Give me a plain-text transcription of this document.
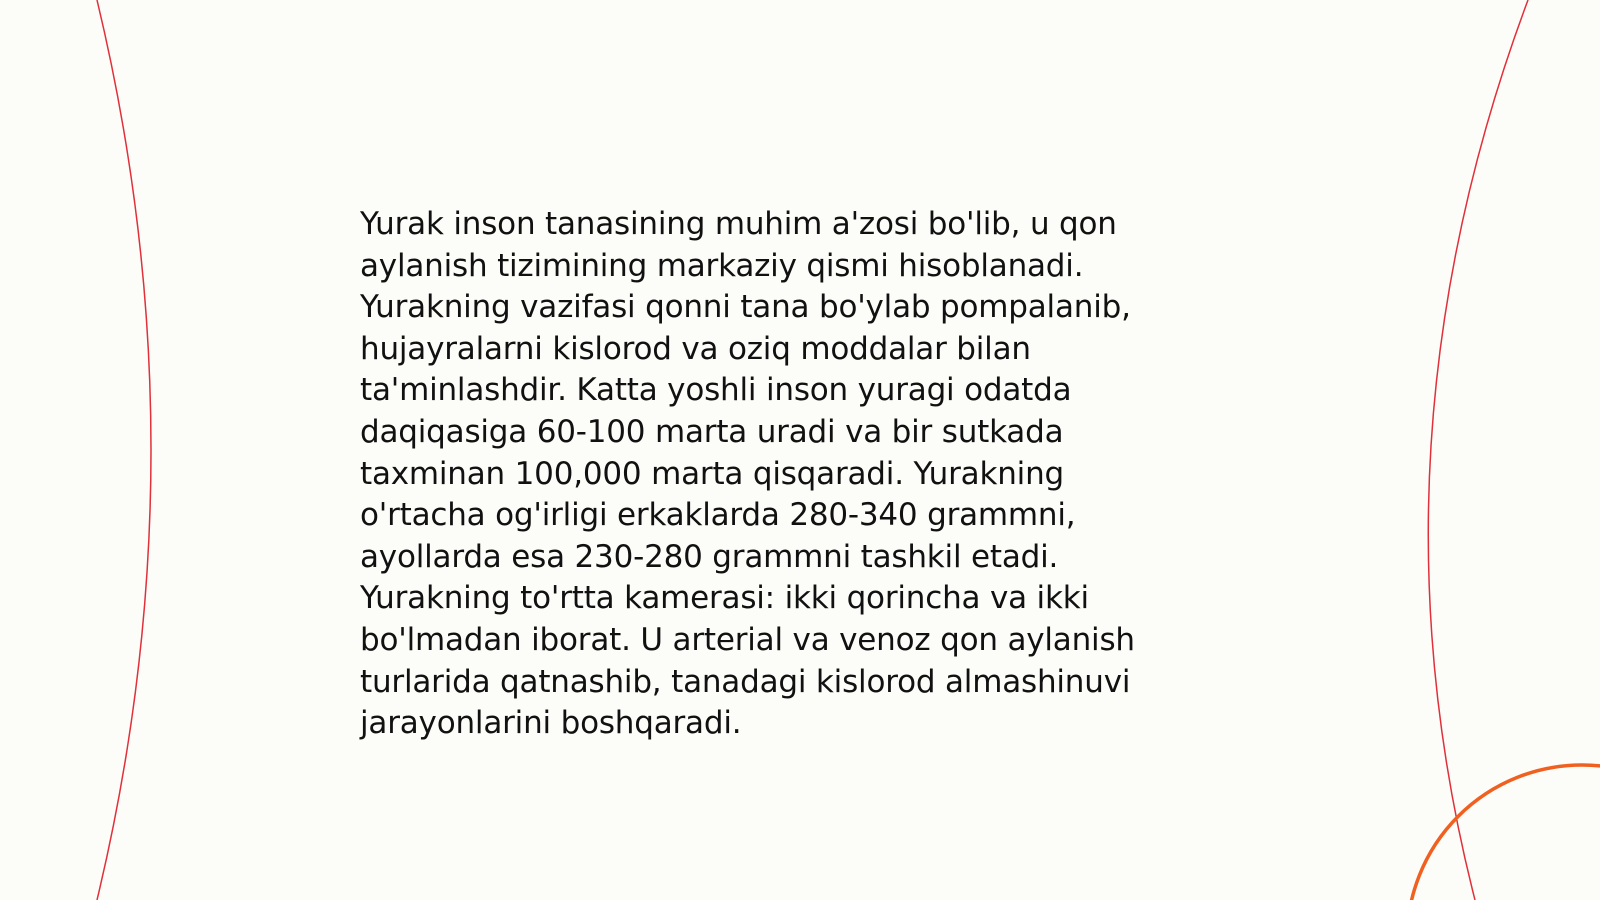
Yurak inson tanasining muhim a'zosi bo'lib, u qon aylanish tizimining markaziy qismi hisoblanadi. Yurakning vazifasi qonni tana bo'ylab pompalanib, hujayralarni kislorod va oziq moddalar bilan ta'minlashdir. Katta yoshli inson yuragi odatda daqiqasiga 60-100 marta uradi va bir sutkada taxminan 100,000 marta qisqaradi. Yurakning o'rtacha og'irligi erkaklarda 280-340 grammni, ayollarda esa 230-280 grammni tashkil etadi. Yurakning to'rtta kamerasi: ikki qorincha va ikki bo'lmadan iborat. U arterial va venoz qon aylanish turlarida qatnashib, tanadagi kislorod almashinuvi jarayonlarini boshqaradi.
